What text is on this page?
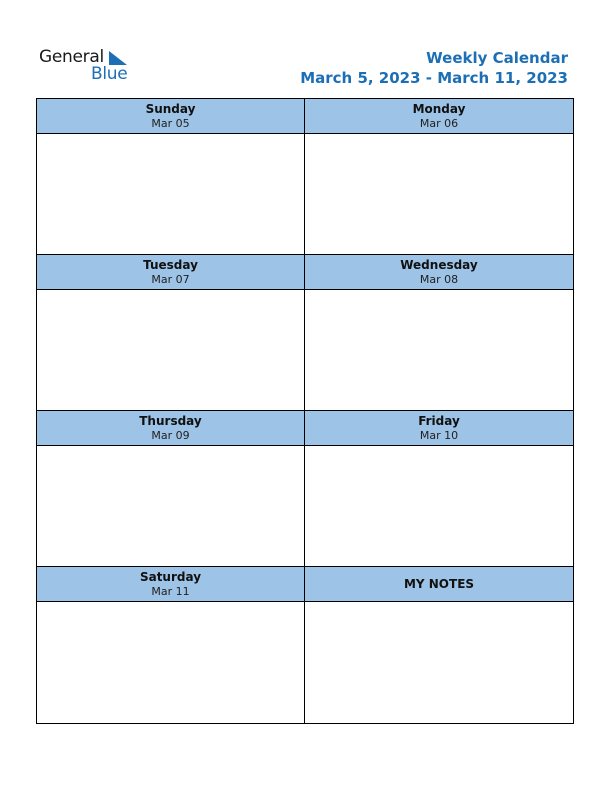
General
Blue
Weekly Calendar
March 5, 2023 - March 11, 2023
Sunday
Mar 05
Monday
Mar 06
Tuesday
Mar 07
Wednesday
Mar 08
Thursday
Mar 09
Friday
Mar 10
Saturday
Mar 11
MY NOTES
